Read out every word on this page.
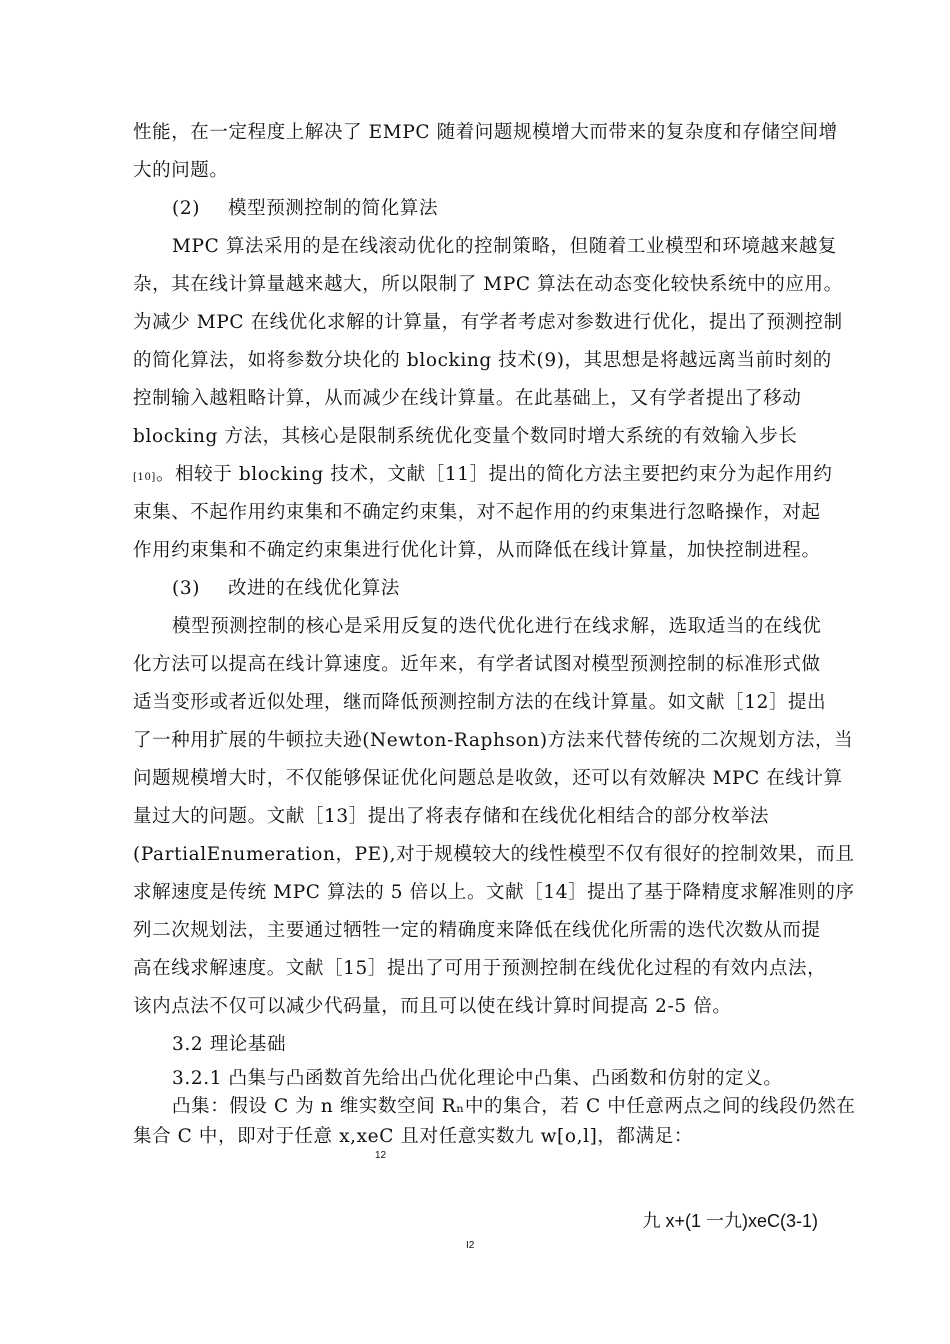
性能，在一定程度上解决了 EMPC 随着问题规模增大而带来的复杂度和存储空间增
大的问题。
(2) 模型预测控制的简化算法
MPC 算法采用的是在线滚动优化的控制策略，但随着工业模型和环境越来越复
杂，其在线计算量越来越大，所以限制了 MPC 算法在动态变化较快系统中的应用。
为减少 MPC 在线优化求解的计算量，有学者考虑对参数进行优化，提出了预测控制
的简化算法，如将参数分块化的 blocking 技术(9)，其思想是将越远离当前时刻的
控制输入越粗略计算，从而减少在线计算量。在此基础上，又有学者提出了移动
blocking 方法，其核心是限制系统优化变量个数同时增大系统的有效输入步长
[10]。相较于 blocking 技术，文献［11］提出的简化方法主要把约束分为起作用约
束集、不起作用约束集和不确定约束集，对不起作用的约束集进行忽略操作，对起
作用约束集和不确定约束集进行优化计算，从而降低在线计算量，加快控制进程。
(3) 改进的在线优化算法
模型预测控制的核心是采用反复的迭代优化进行在线求解，选取适当的在线优
化方法可以提高在线计算速度。近年来，有学者试图对模型预测控制的标准形式做
适当变形或者近似处理，继而降低预测控制方法的在线计算量。如文献［12］提出
了一种用扩展的牛顿拉夫逊(Newton-Raphson)方法来代替传统的二次规划方法，当
问题规模增大时，不仅能够保证优化问题总是收敛，还可以有效解决 MPC 在线计算
量过大的问题。文献［13］提出了将表存储和在线优化相结合的部分枚举法
(PartialEnumeration，PE),对于规模较大的线性模型不仅有很好的控制效果，而且
求解速度是传统 MPC 算法的 5 倍以上。文献［14］提出了基于降精度求解准则的序
列二次规划法，主要通过牺牲一定的精确度来降低在线优化所需的迭代次数从而提
高在线求解速度。文献［15］提出了可用于预测控制在线优化过程的有效内点法，
该内点法不仅可以减少代码量，而且可以使在线计算时间提高 2-5 倍。
3.2 理论基础
3.2.1 凸集与凸函数首先给出凸优化理论中凸集、凸函数和仿射的定义。
凸集：假设 C 为 n 维实数空间 Rₙ中的集合，若 C 中任意两点之间的线段仍然在
集合 C 中，即对于任意 x,xeC 且对任意实数九 w[o,l]，都满足：
12
九 x+(1 一九)xeC(3-1)
I2
